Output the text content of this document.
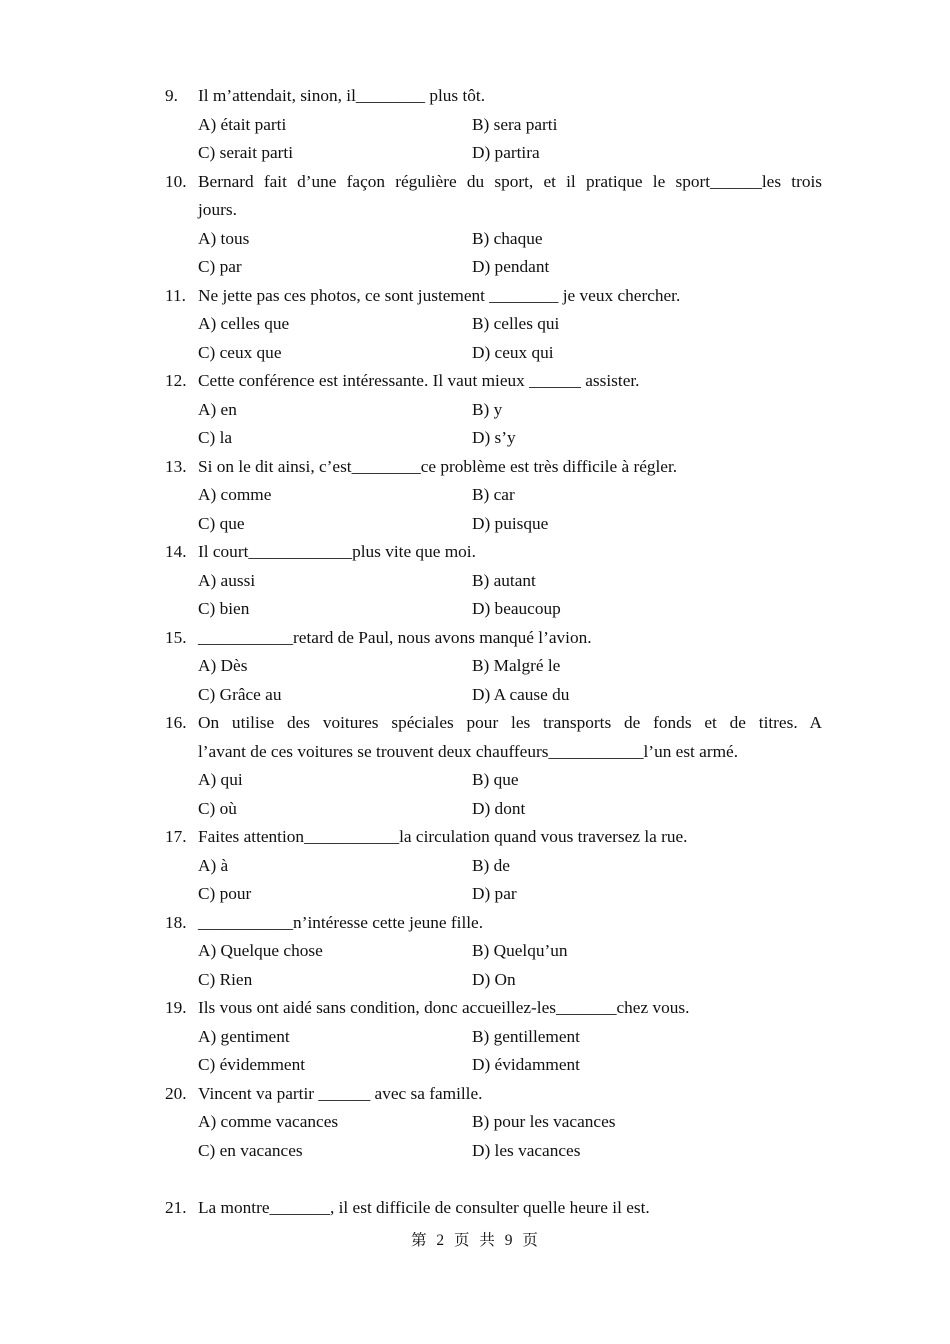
9. Il m’attendait, sinon, il________ plus tôt.
A) était parti	B) sera parti
C) serait parti	D) partira
10. Bernard fait d’une façon régulière du sport, et il pratique le sport______les trois
jours.
A) tous	B) chaque
C) par	D) pendant
11. Ne jette pas ces photos, ce sont justement ________ je veux chercher.
A) celles que	B) celles qui
C) ceux que	D) ceux qui
12. Cette conférence est intéressante. Il vaut mieux ______ assister.
A) en	B) y
C) la	D) s’y
13. Si on le dit ainsi, c’est________ce problème est très difficile à régler.
A) comme	B) car
C) que	D) puisque
14. Il court____________plus vite que moi.
A) aussi	B) autant
C) bien	D) beaucoup
15. ___________retard de Paul, nous avons manqué l’avion.
A) Dès	B) Malgré le
C) Grâce au	D) A cause du
16. On utilise des voitures spéciales pour les transports de fonds et de titres. A
l’avant de ces voitures se trouvent deux chauffeurs___________l’un est armé.
A) qui	B) que
C) où	D) dont
17. Faites attention___________la circulation quand vous traversez la rue.
A) à	B) de
C) pour	D) par
18. ___________n’intéresse cette jeune fille.
A) Quelque chose	B) Quelqu’un
C) Rien	D) On
19. Ils vous ont aidé sans condition, donc accueillez-les_______chez vous.
A) gentiment	B) gentillement
C) évidemment	D) évidamment
20. Vincent va partir ______ avec sa famille.
A) comme vacances	B) pour les vacances
C) en vacances	D) les vacances
21. La montre_______, il est difficile de consulter quelle heure il est.
第 2 页 共 9 页
